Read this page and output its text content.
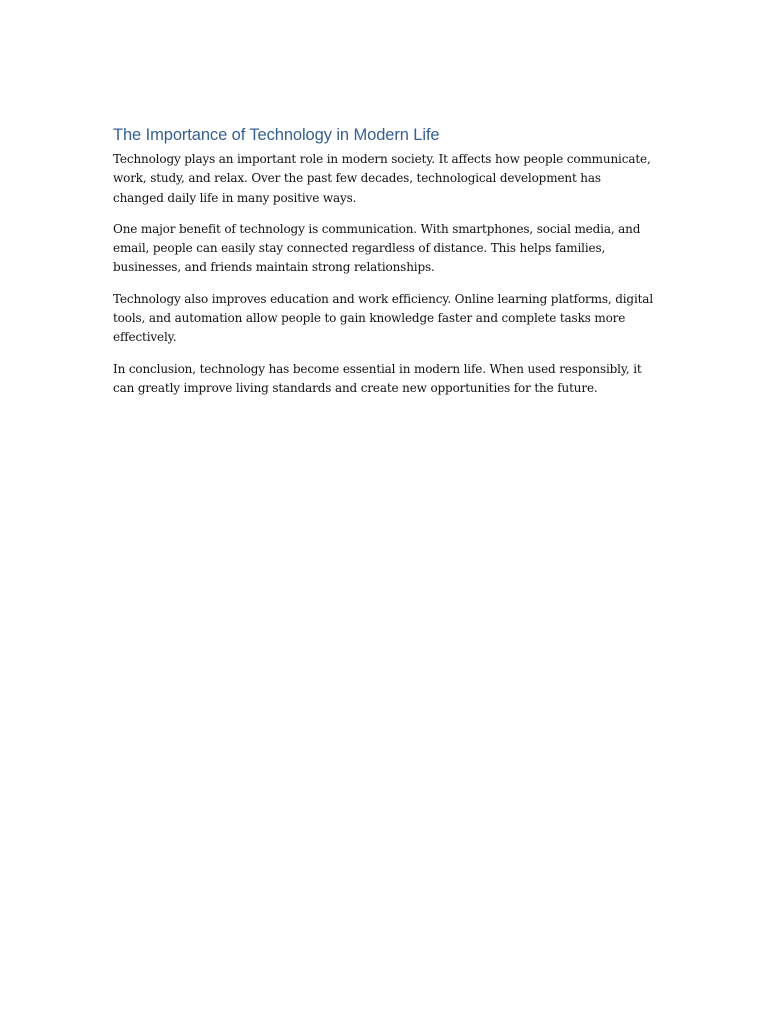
The Importance of Technology in Modern Life

Technology plays an important role in modern society. It affects how people communicate, work, study, and relax. Over the past few decades, technological development has changed daily life in many positive ways.

One major benefit of technology is communication. With smartphones, social media, and email, people can easily stay connected regardless of distance. This helps families, businesses, and friends maintain strong relationships.

Technology also improves education and work efficiency. Online learning platforms, digital tools, and automation allow people to gain knowledge faster and complete tasks more effectively.

In conclusion, technology has become essential in modern life. When used responsibly, it can greatly improve living standards and create new opportunities for the future.
